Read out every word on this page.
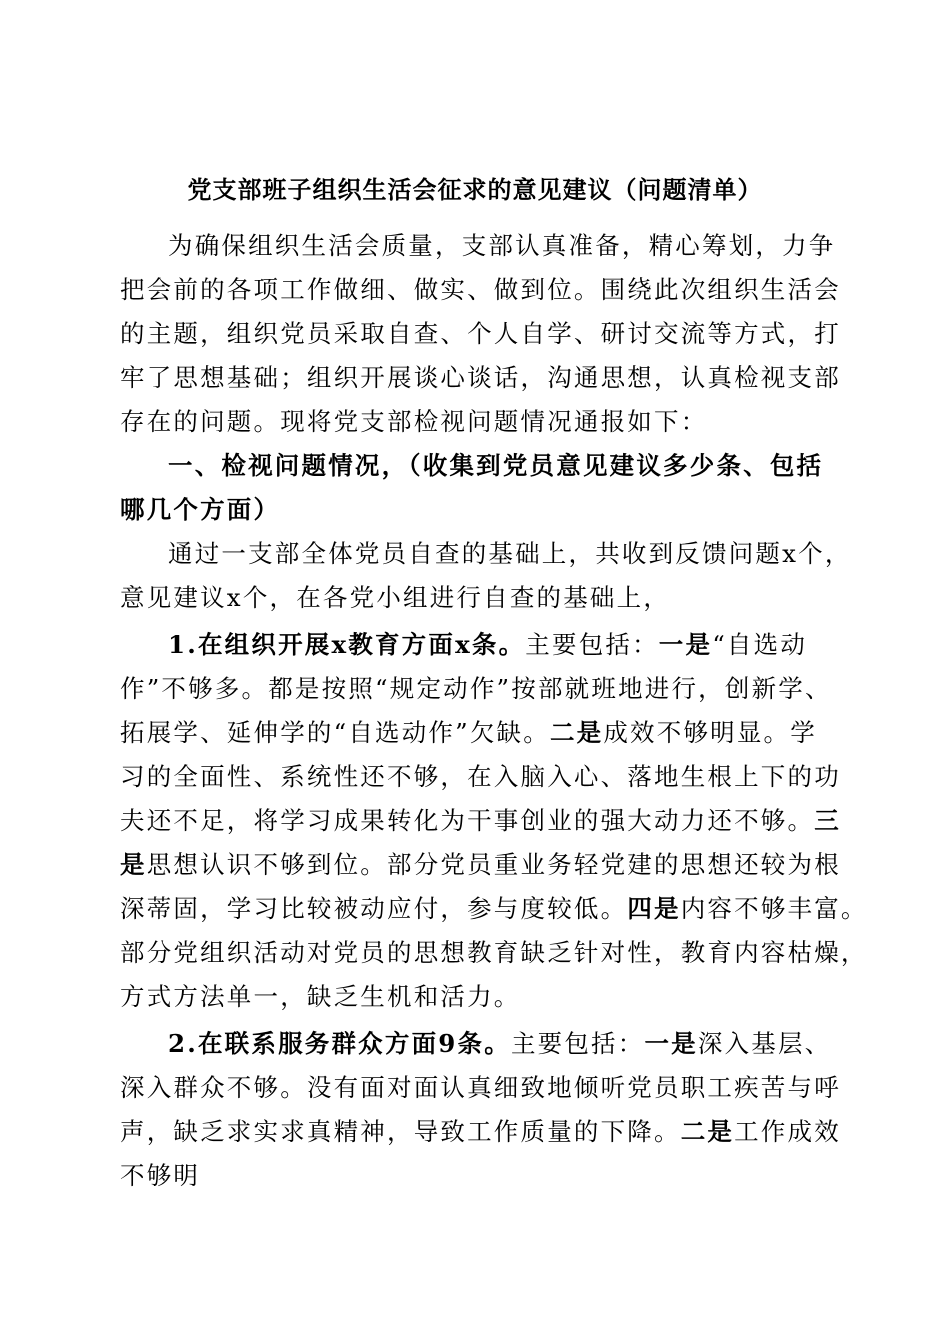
党支部班子组织生活会征求的意见建议（问题清单）
为确保组织生活会质量，支部认真准备，精心筹划，力争
把会前的各项工作做细、做实、做到位。围绕此次组织生活会
的主题，组织党员采取自查、个人自学、研讨交流等方式，打
牢了思想基础；组织开展谈心谈话，沟通思想，认真检视支部
存在的问题。现将党支部检视问题情况通报如下：
一、检视问题情况，（收集到党员意见建议多少条、包括
哪几个方面）
通过一支部全体党员自查的基础上，共收到反馈问题x个，
意见建议x个，在各党小组进行自查的基础上，
1.在组织开展x教育方面x条。主要包括：一是“自选动
作”不够多。都是按照“规定动作”按部就班地进行，创新学、
拓展学、延伸学的“自选动作”欠缺。二是成效不够明显。学
习的全面性、系统性还不够，在入脑入心、落地生根上下的功
夫还不足，将学习成果转化为干事创业的强大动力还不够。三
是思想认识不够到位。部分党员重业务轻党建的思想还较为根
深蒂固，学习比较被动应付，参与度较低。四是内容不够丰富。
部分党组织活动对党员的思想教育缺乏针对性，教育内容枯燥，
方式方法单一，缺乏生机和活力。
2.在联系服务群众方面9条。主要包括：一是深入基层、
深入群众不够。没有面对面认真细致地倾听党员职工疾苦与呼
声，缺乏求实求真精神，导致工作质量的下降。二是工作成效
不够明
